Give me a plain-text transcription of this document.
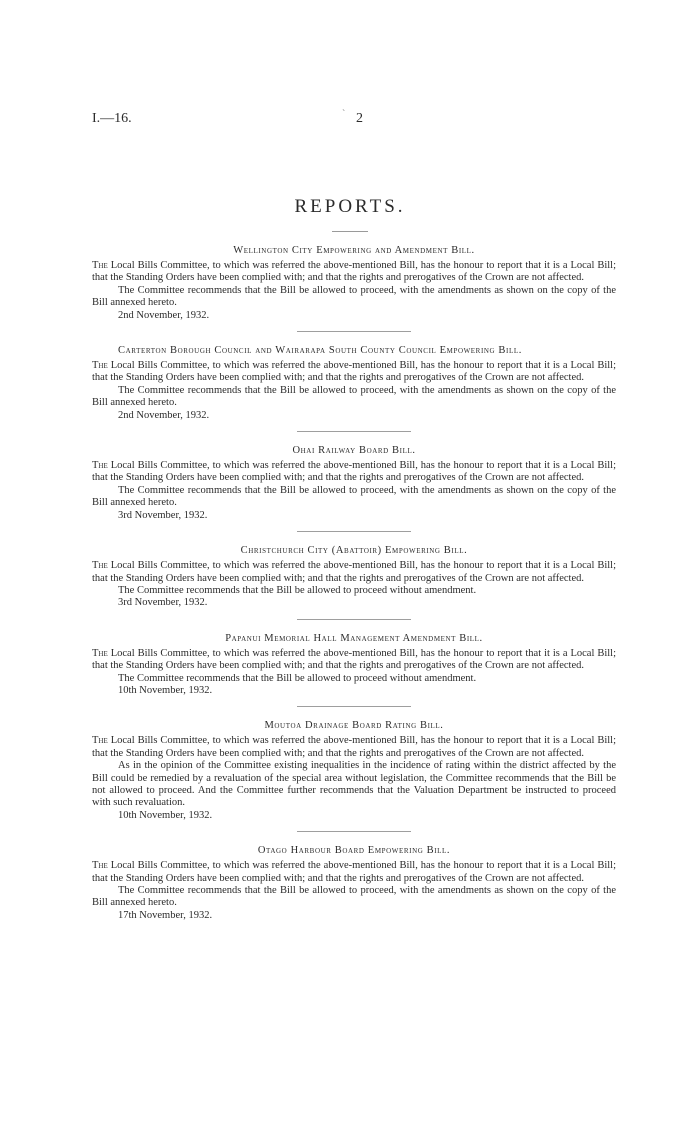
I.—16.	` 2
REPORTS.
Wellington City Empowering and Amendment Bill.

The Local Bills Committee, to which was referred the above-mentioned Bill, has the honour to report that it is a Local Bill; that the Standing Orders have been complied with; and that the rights and prerogatives of the Crown are not affected.

The Committee recommends that the Bill be allowed to proceed, with the amendments as shown on the copy of the Bill annexed hereto.

2nd November, 1932.

Carterton Borough Council and Wairarapa South County Council Empowering Bill.

The Local Bills Committee, to which was referred the above-mentioned Bill, has the honour to report that it is a Local Bill; that the Standing Orders have been complied with; and that the rights and prerogatives of the Crown are not affected.

The Committee recommends that the Bill be allowed to proceed, with the amendments as shown on the copy of the Bill annexed hereto.

2nd November, 1932.

Ohai Railway Board Bill.

The Local Bills Committee, to which was referred the above-mentioned Bill, has the honour to report that it is a Local Bill; that the Standing Orders have been complied with; and that the rights and prerogatives of the Crown are not affected.

The Committee recommends that the Bill be allowed to proceed, with the amendments as shown on the copy of the Bill annexed hereto.

3rd November, 1932.

Christchurch City (Abattoir) Empowering Bill.

The Local Bills Committee, to which was referred the above-mentioned Bill, has the honour to report that it is a Local Bill; that the Standing Orders have been complied with; and that the rights and prerogatives of the Crown are not affected.

The Committee recommends that the Bill be allowed to proceed without amendment.

3rd November, 1932.

Papanui Memorial Hall Management Amendment Bill.

The Local Bills Committee, to which was referred the above-mentioned Bill, has the honour to report that it is a Local Bill; that the Standing Orders have been complied with; and that the rights and prerogatives of the Crown are not affected.

The Committee recommends that the Bill be allowed to proceed without amendment.

10th November, 1932.

Moutoa Drainage Board Rating Bill.

The Local Bills Committee, to which was referred the above-mentioned Bill, has the honour to report that it is a Local Bill; that the Standing Orders have been complied with; and that the rights and prerogatives of the Crown are not affected.

As in the opinion of the Committee existing inequalities in the incidence of rating within the district affected by the Bill could be remedied by a revaluation of the special area without legislation, the Committee recommends that the Bill be not allowed to proceed. And the Committee further recommends that the Valuation Department be instructed to proceed with such revaluation.

10th November, 1932.

Otago Harbour Board Empowering Bill.

The Local Bills Committee, to which was referred the above-mentioned Bill, has the honour to report that it is a Local Bill; that the Standing Orders have been complied with; and that the rights and prerogatives of the Crown are not affected.

The Committee recommends that the Bill be allowed to proceed, with the amendments as shown on the copy of the Bill annexed hereto.

17th November, 1932.
